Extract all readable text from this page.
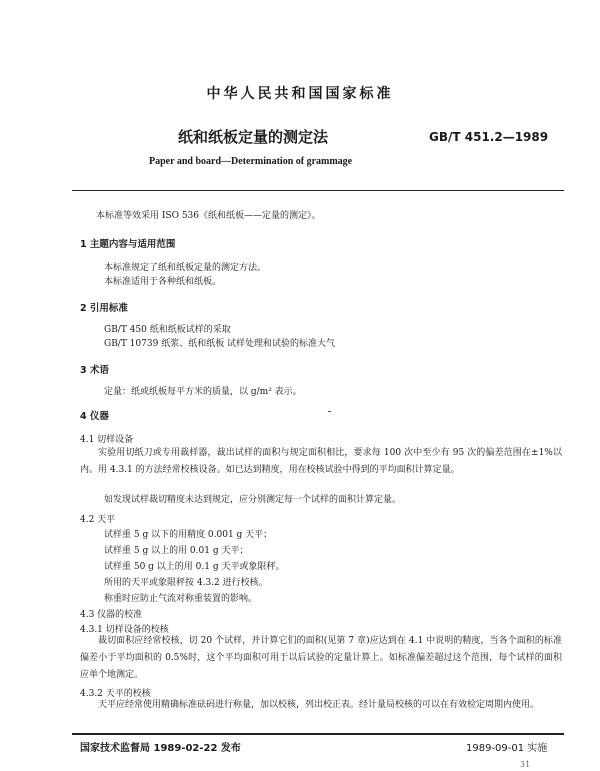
中华人民共和国国家标准
纸和纸板定量的测定法	GB/T 451.2—1989
Paper and board—Determination of grammage
本标准等效采用 ISO 536《纸和纸板——定量的测定》。
1 主题内容与适用范围
本标准规定了纸和纸板定量的测定方法。
本标准适用于各种纸和纸板。
2 引用标准
GB/T 450 纸和纸板试样的采取
GB/T 10739 纸浆、纸和纸板 试样处理和试验的标准大气
3 术语
定量：纸或纸板每平方米的质量，以 g/m² 表示。
4 仪器
4.1 切样设备
实验用切纸刀或专用裁样器，裁出试样的面积与规定面积相比，要求每 100 次中至少有 95 次的偏差范围在±1%以内。用 4.3.1 的方法经常校核设备。如已达到精度，用在校核试验中得到的平均面积计算定量。
如发现试样裁切精度未达到规定，应分别测定每一个试样的面积计算定量。
4.2 天平
试样重 5 g 以下的用精度 0.001 g 天平；
试样重 5 g 以上的用 0.01 g 天平；
试样重 50 g 以上的用 0.1 g 天平或象限秤。
所用的天平或象限秤按 4.3.2 进行校核。
称重时应防止气流对称重装置的影响。
4.3 仪器的校准
4.3.1 切样设备的校核
裁切面积应经常校核，切 20 个试样，并计算它们的面积(见第 7 章)应达到在 4.1 中说明的精度，当各个面积的标准偏差小于平均面积的 0.5%时，这个平均面积可用于以后试验的定量计算上。如标准偏差超过这个范围，每个试样的面积应单个地测定。
4.3.2 天平的校核
天平应经常使用精确标准砝码进行称量，加以校核，列出校正表。经计量局校核的可以在有效检定周期内使用。
国家技术监督局 1989-02-22 发布	1989-09-01 实施
31
